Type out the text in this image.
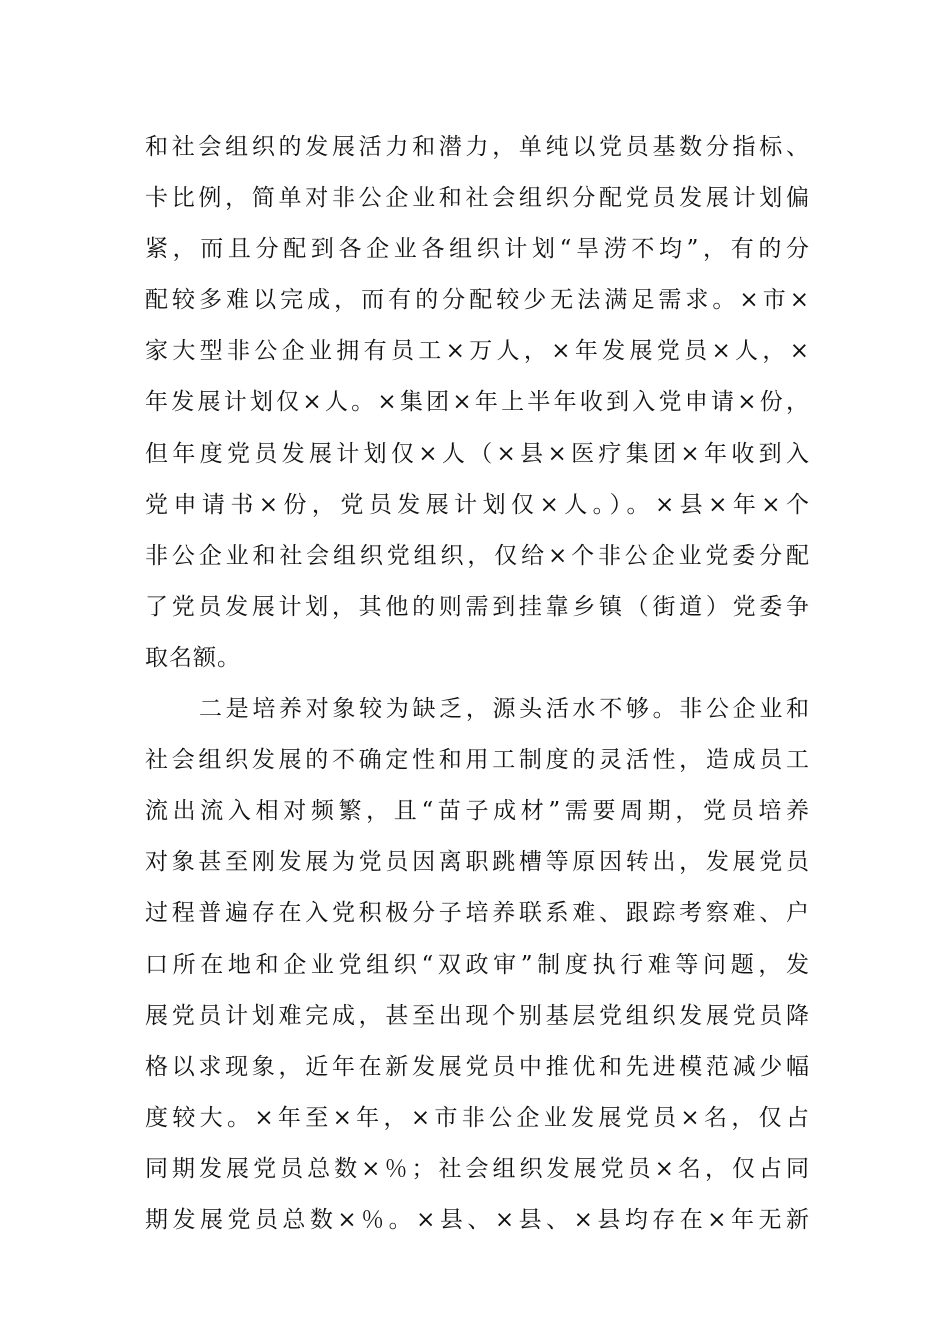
和社会组织的发展活力和潜力，单纯以党员基数分指标、
卡比例，简单对非公企业和社会组织分配党员发展计划偏
紧，而且分配到各企业各组织计划“旱涝不均”，有的分
配较多难以完成，而有的分配较少无法满足需求。×市×
家大型非公企业拥有员工×万人，×年发展党员×人，×
年发展计划仅×人。×集团×年上半年收到入党申请×份，
但年度党员发展计划仅×人（×县×医疗集团×年收到入
党申请书×份，党员发展计划仅×人。）。×县×年×个
非公企业和社会组织党组织，仅给×个非公企业党委分配
了党员发展计划，其他的则需到挂靠乡镇（街道）党委争
取名额。
二是培养对象较为缺乏，源头活水不够。非公企业和
社会组织发展的不确定性和用工制度的灵活性，造成员工
流出流入相对频繁，且“苗子成材”需要周期，党员培养
对象甚至刚发展为党员因离职跳槽等原因转出，发展党员
过程普遍存在入党积极分子培养联系难、跟踪考察难、户
口所在地和企业党组织“双政审”制度执行难等问题，发
展党员计划难完成，甚至出现个别基层党组织发展党员降
格以求现象，近年在新发展党员中推优和先进模范减少幅
度较大。×年至×年，×市非公企业发展党员×名，仅占
同期发展党员总数×％；社会组织发展党员×名，仅占同
期发展党员总数×％。×县、×县、×县均存在×年无新
